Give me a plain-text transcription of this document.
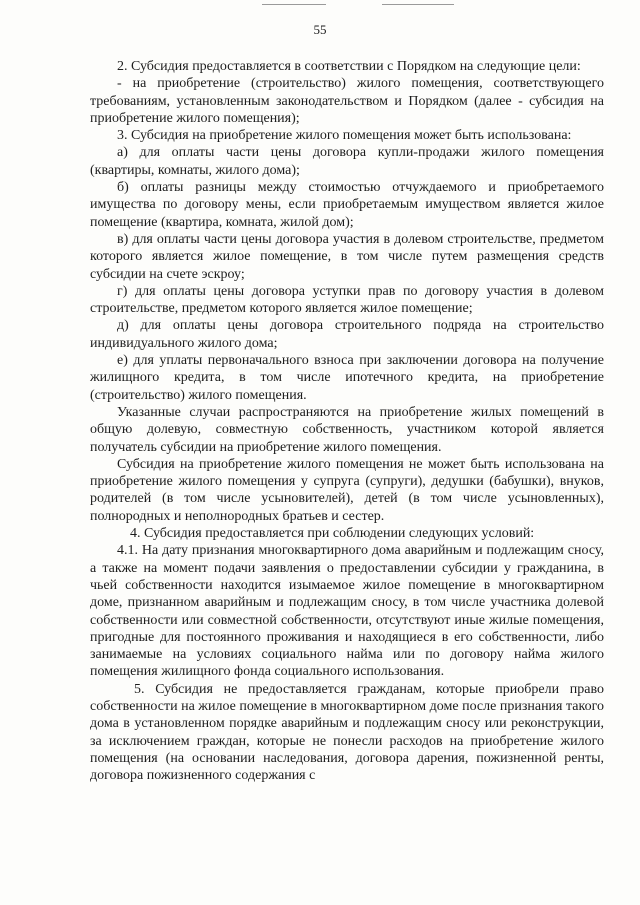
55

2. Субсидия предоставляется в соответствии с Порядком на следующие цели:

- на приобретение (строительство) жилого помещения, соответствующего требованиям, установленным законодательством и Порядком (далее - субсидия на приобретение жилого помещения);

3. Субсидия на приобретение жилого помещения может быть использована:

а) для оплаты части цены договора купли-продажи жилого помещения (квартиры, комнаты, жилого дома);

б) оплаты разницы между стоимостью отчуждаемого и приобретаемого имущества по договору мены, если приобретаемым имуществом является жилое помещение (квартира, комната, жилой дом);

в) для оплаты части цены договора участия в долевом строительстве, предметом которого является жилое помещение, в том числе путем размещения средств субсидии на счете эскроу;

г) для оплаты цены договора уступки прав по договору участия в долевом строительстве, предметом которого является жилое помещение;

д) для оплаты цены договора строительного подряда на строительство индивидуального жилого дома;

е) для уплаты первоначального взноса при заключении договора на получение жилищного кредита, в том числе ипотечного кредита, на приобретение (строительство) жилого помещения.

Указанные случаи распространяются на приобретение жилых помещений в общую долевую, совместную собственность, участником которой является получатель субсидии на приобретение жилого помещения.

Субсидия на приобретение жилого помещения не может быть использована на приобретение жилого помещения у супруга (супруги), дедушки (бабушки), внуков, родителей (в том числе усыновителей), детей (в том числе усыновленных), полнородных и неполнородных братьев и сестер.

4. Субсидия предоставляется при соблюдении следующих условий:

4.1. На дату признания многоквартирного дома аварийным и подлежащим сносу, а также на момент подачи заявления о предоставлении субсидии у гражданина, в чьей собственности находится изымаемое жилое помещение в многоквартирном доме, признанном аварийным и подлежащим сносу, в том числе участника долевой собственности или совместной собственности, отсутствуют иные жилые помещения, пригодные для постоянного проживания и находящиеся в его собственности, либо занимаемые на условиях социального найма или по договору найма жилого помещения жилищного фонда социального использования.

5. Субсидия не предоставляется гражданам, которые приобрели право собственности на жилое помещение в многоквартирном доме после признания такого дома в установленном порядке аварийным и подлежащим сносу или реконструкции, за исключением граждан, которые не понесли расходов на приобретение жилого помещения (на основании наследования, договора дарения, пожизненной ренты, договора пожизненного содержания с
